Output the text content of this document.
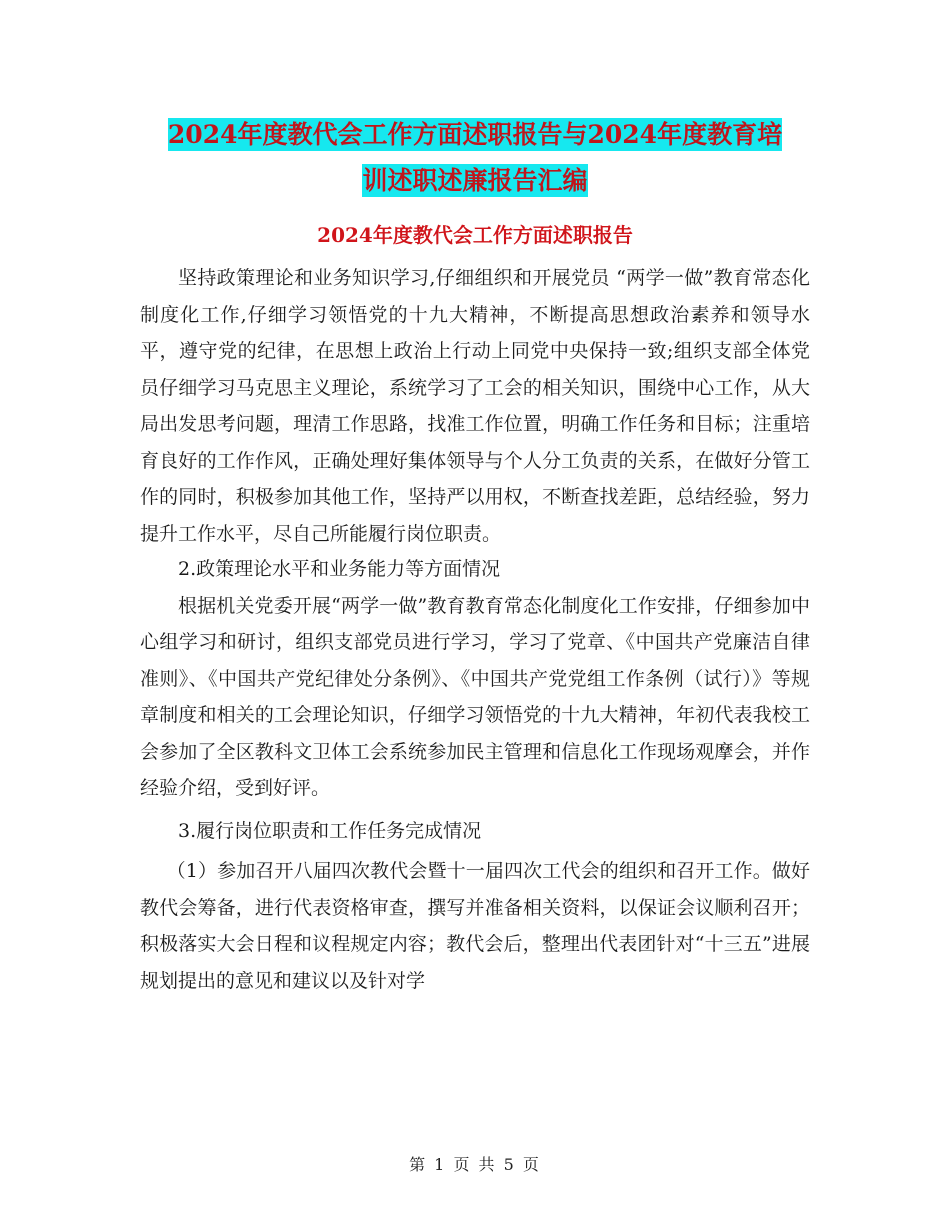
2024年度教代会工作方面述职报告与2024年度教育培
训述职述廉报告汇编
2024年度教代会工作方面述职报告

坚持政策理论和业务知识学习,仔细组织和开展党员 “两学一做”教育常态化制度化工作,仔细学习领悟党的十九大精神，不断提高思想政治素养和领导水平，遵守党的纪律，在思想上政治上行动上同党中央保持一致;组织支部全体党员仔细学习马克思主义理论，系统学习了工会的相关知识，围绕中心工作，从大局出发思考问题，理清工作思路，找准工作位置，明确工作任务和目标；注重培育良好的工作作风，正确处理好集体领导与个人分工负责的关系，在做好分管工作的同时，积极参加其他工作，坚持严以用权，不断查找差距，总结经验，努力提升工作水平，尽自己所能履行岗位职责。

2.政策理论水平和业务能力等方面情况

根据机关党委开展“两学一做”教育教育常态化制度化工作安排，仔细参加中心组学习和研讨，组织支部党员进行学习，学习了党章、《中国共产党廉洁自律准则》、《中国共产党纪律处分条例》、《中国共产党党组工作条例（试行）》等规章制度和相关的工会理论知识，仔细学习领悟党的十九大精神，年初代表我校工会参加了全区教科文卫体工会系统参加民主管理和信息化工作现场观摩会，并作经验介绍，受到好评。

3.履行岗位职责和工作任务完成情况

（1）参加召开八届四次教代会暨十一届四次工代会的组织和召开工作。做好教代会筹备，进行代表资格审查，撰写并准备相关资料，以保证会议顺利召开；积极落实大会日程和议程规定内容；教代会后，整理出代表团针对“十三五”进展规划提出的意见和建议以及针对学

第 1 页 共 5 页
